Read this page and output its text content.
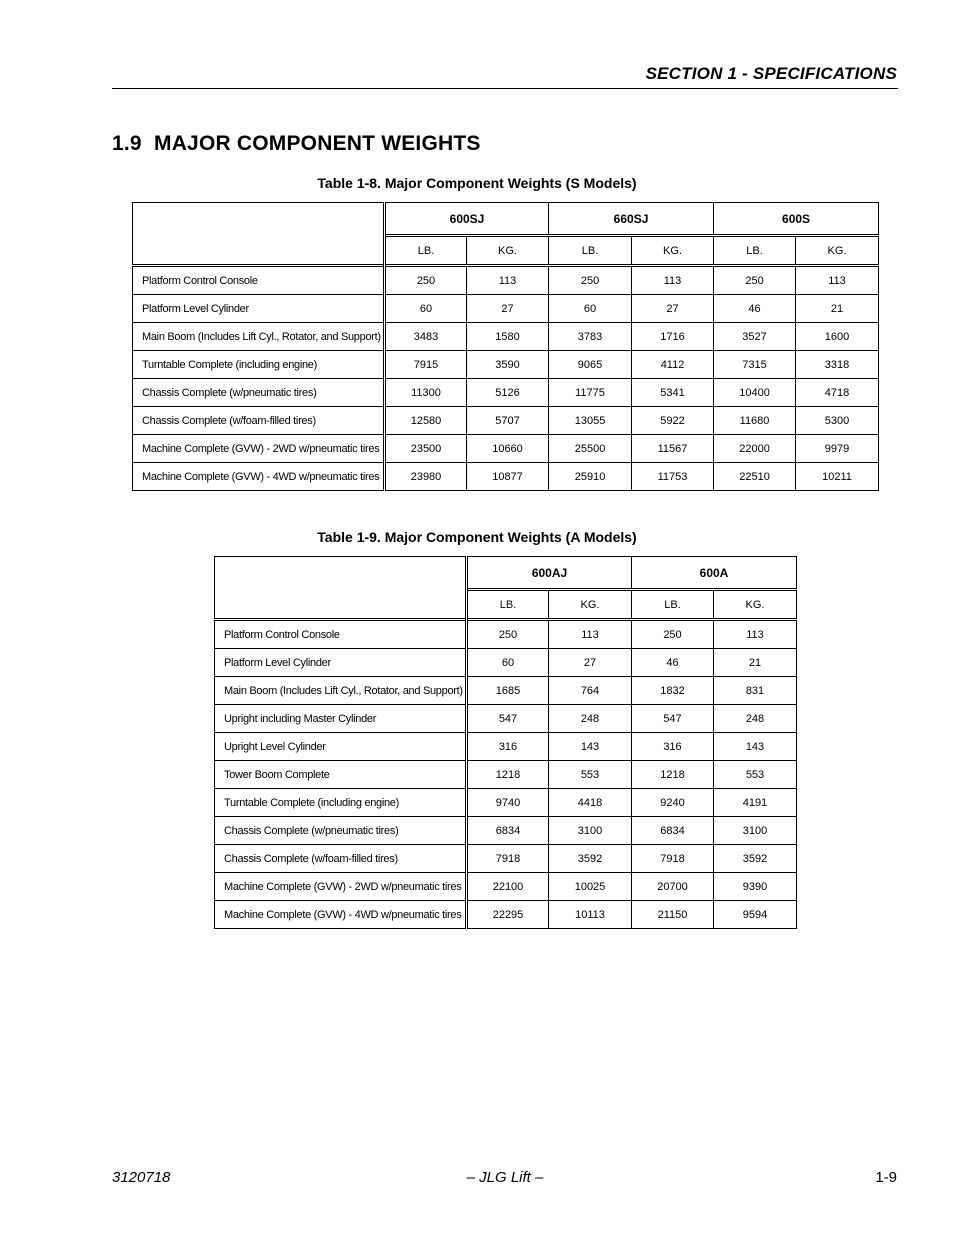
SECTION 1 - SPECIFICATIONS
1.9 MAJOR COMPONENT WEIGHTS
Table 1-8. Major Component Weights (S Models)
	600SJ		660SJ		600S	
	LB.	KG.	LB.	KG.	LB.	KG.
Platform Control Console	250	113	250	113	250	113
Platform Level Cylinder	60	27	60	27	46	21
Main Boom (Includes Lift Cyl., Rotator, and Support)	3483	1580	3783	1716	3527	1600
Turntable Complete (including engine)	7915	3590	9065	4112	7315	3318
Chassis Complete (w/pneumatic tires)	11300	5126	11775	5341	10400	4718
Chassis Complete (w/foam-filled tires)	12580	5707	13055	5922	11680	5300
Machine Complete (GVW) - 2WD w/pneumatic tires	23500	10660	25500	11567	22000	9979
Machine Complete (GVW) - 4WD w/pneumatic tires	23980	10877	25910	11753	22510	10211
Table 1-9. Major Component Weights (A Models)
	600AJ		600A	
	LB.	KG.	LB.	KG.
Platform Control Console	250	113	250	113
Platform Level Cylinder	60	27	46	21
Main Boom (Includes Lift Cyl., Rotator, and Support)	1685	764	1832	831
Upright including Master Cylinder	547	248	547	248
Upright Level Cylinder	316	143	316	143
Tower Boom Complete	1218	553	1218	553
Turntable Complete (including engine)	9740	4418	9240	4191
Chassis Complete (w/pneumatic tires)	6834	3100	6834	3100
Chassis Complete (w/foam-filled tires)	7918	3592	7918	3592
Machine Complete (GVW) - 2WD w/pneumatic tires	22100	10025	20700	9390
Machine Complete (GVW) - 4WD w/pneumatic tires	22295	10113	21150	9594
3120718	– JLG Lift –	1-9
